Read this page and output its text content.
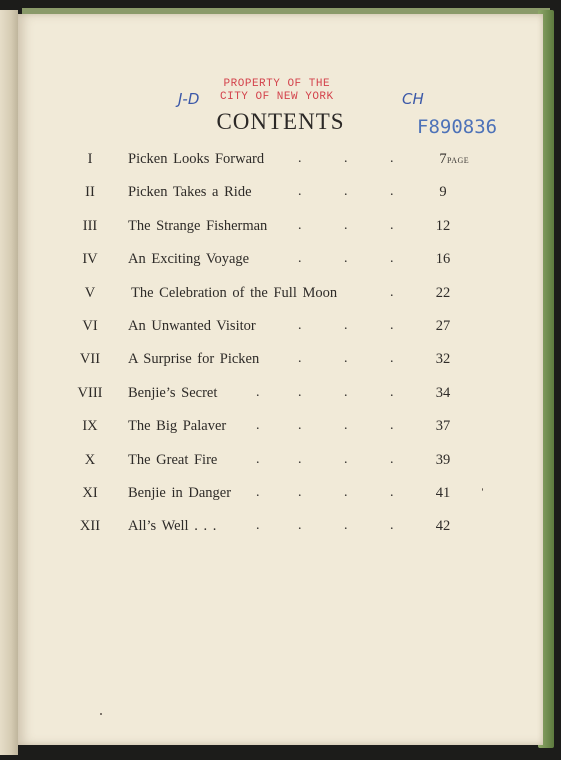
PROPERTY OF THE
CITY OF NEW YORK
J-D	CH
F890836
CONTENTS
PAGE
I	Picken Looks Forward .	.	.	7
II	Picken Takes a Ride	.	.	.	9
III	The Strange Fisherman .	.	.	12
IV	An Exciting Voyage	.	.	.	16
V	The Celebration of the Full Moon	.	22
VI	An Unwanted Visitor	.	.	.	27
VII	A Surprise for Picken	.	.	.	32
VIII	Benjie’s Secret	.	.	.	.	34
IX	The Big Palaver .	.	.	.	37
X	The Great Fire	.	.	.	.	39
XI	Benjie in Danger .	.	.	.	41
XII	All’s Well . . .	.	.	.	.	42
